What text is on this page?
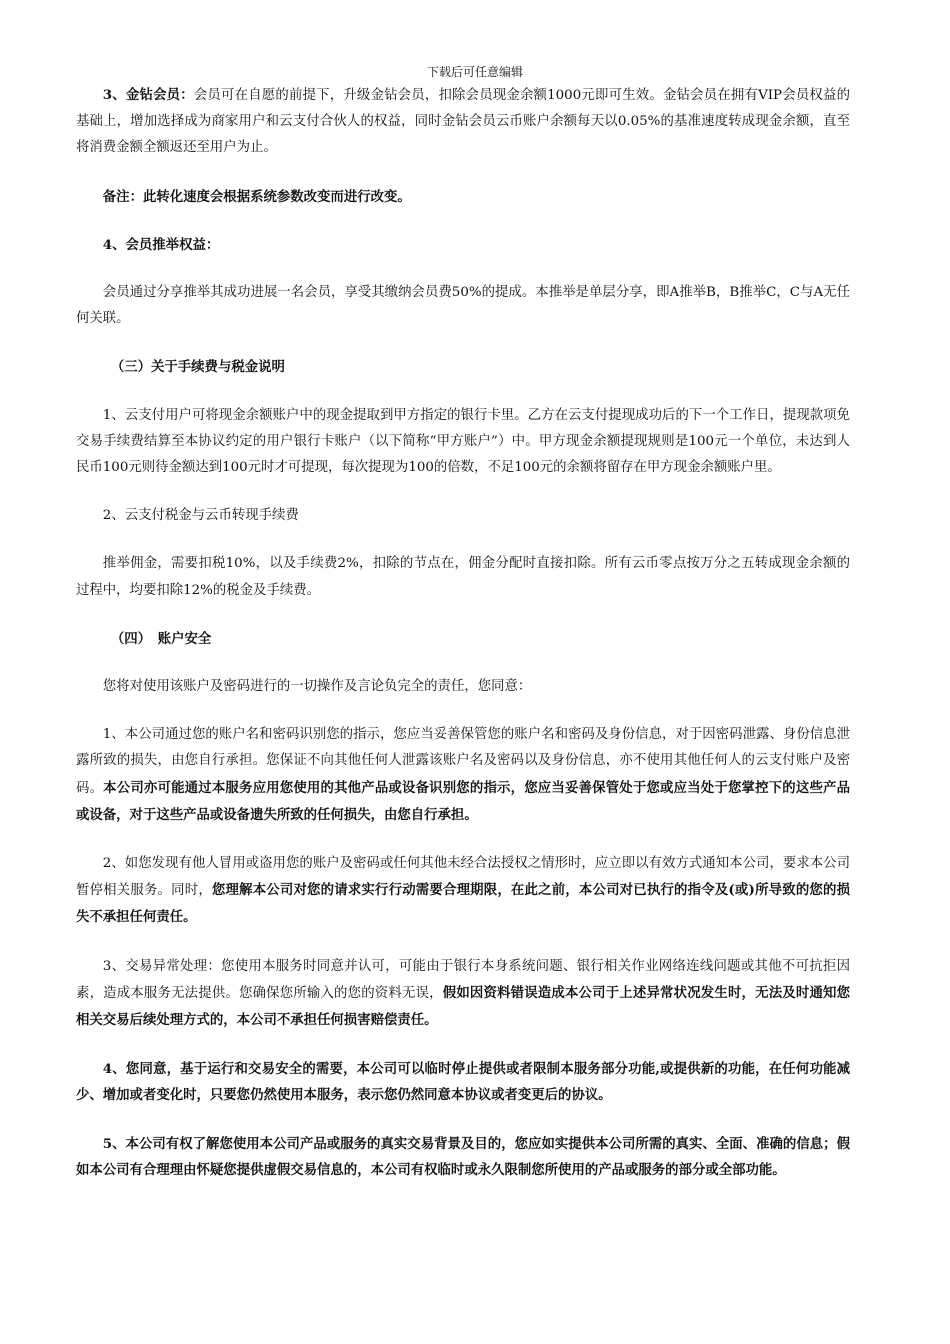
下载后可任意编辑

3、金钻会员：会员可在自愿的前提下，升级金钻会员，扣除会员现金余额1000元即可生效。金钻会员在拥有VIP会员权益的基础上，增加选择成为商家用户和云支付合伙人的权益，同时金钻会员云币账户余额每天以0.05%的基准速度转成现金余额，直至将消费金额全额返还至用户为止。

备注：此转化速度会根据系统参数改变而进行改变。

4、会员推举权益：

会员通过分享推举其成功进展一名会员，享受其缴纳会员费50%的提成。本推举是单层分享，即A推举B，B推举C，C与A无任何关联。

（三）关于手续费与税金说明

1、云支付用户可将现金余额账户中的现金提取到甲方指定的银行卡里。乙方在云支付提现成功后的下一个工作日，提现款项免交易手续费结算至本协议约定的用户银行卡账户（以下简称“甲方账户”）中。甲方现金余额提现规则是100元一个单位，未达到人民币100元则待金额达到100元时才可提现，每次提现为100的倍数，不足100元的余额将留存在甲方现金余额账户里。

2、云支付税金与云币转现手续费

推举佣金，需要扣税10%，以及手续费2%，扣除的节点在，佣金分配时直接扣除。所有云币零点按万分之五转成现金余额的过程中，均要扣除12%的税金及手续费。

（四）　账户安全

您将对使用该账户及密码进行的一切操作及言论负完全的责任，您同意：

1、本公司通过您的账户名和密码识别您的指示，您应当妥善保管您的账户名和密码及身份信息，对于因密码泄露、身份信息泄露所致的损失，由您自行承担。您保证不向其他任何人泄露该账户名及密码以及身份信息，亦不使用其他任何人的云支付账户及密码。本公司亦可能通过本服务应用您使用的其他产品或设备识别您的指示，您应当妥善保管处于您或应当处于您掌控下的这些产品或设备，对于这些产品或设备遗失所致的任何损失，由您自行承担。

2、如您发现有他人冒用或盗用您的账户及密码或任何其他未经合法授权之情形时，应立即以有效方式通知本公司，要求本公司暂停相关服务。同时，您理解本公司对您的请求实行行动需要合理期限，在此之前，本公司对已执行的指令及(或)所导致的您的损失不承担任何责任。

3、交易异常处理：您使用本服务时同意并认可，可能由于银行本身系统问题、银行相关作业网络连线问题或其他不可抗拒因素，造成本服务无法提供。您确保您所输入的您的资料无误，假如因资料错误造成本公司于上述异常状况发生时，无法及时通知您相关交易后续处理方式的，本公司不承担任何损害赔偿责任。

4、您同意，基于运行和交易安全的需要，本公司可以临时停止提供或者限制本服务部分功能,或提供新的功能，在任何功能减少、增加或者变化时，只要您仍然使用本服务，表示您仍然同意本协议或者变更后的协议。

5、本公司有权了解您使用本公司产品或服务的真实交易背景及目的，您应如实提供本公司所需的真实、全面、准确的信息；假如本公司有合理理由怀疑您提供虚假交易信息的，本公司有权临时或永久限制您所使用的产品或服务的部分或全部功能。
